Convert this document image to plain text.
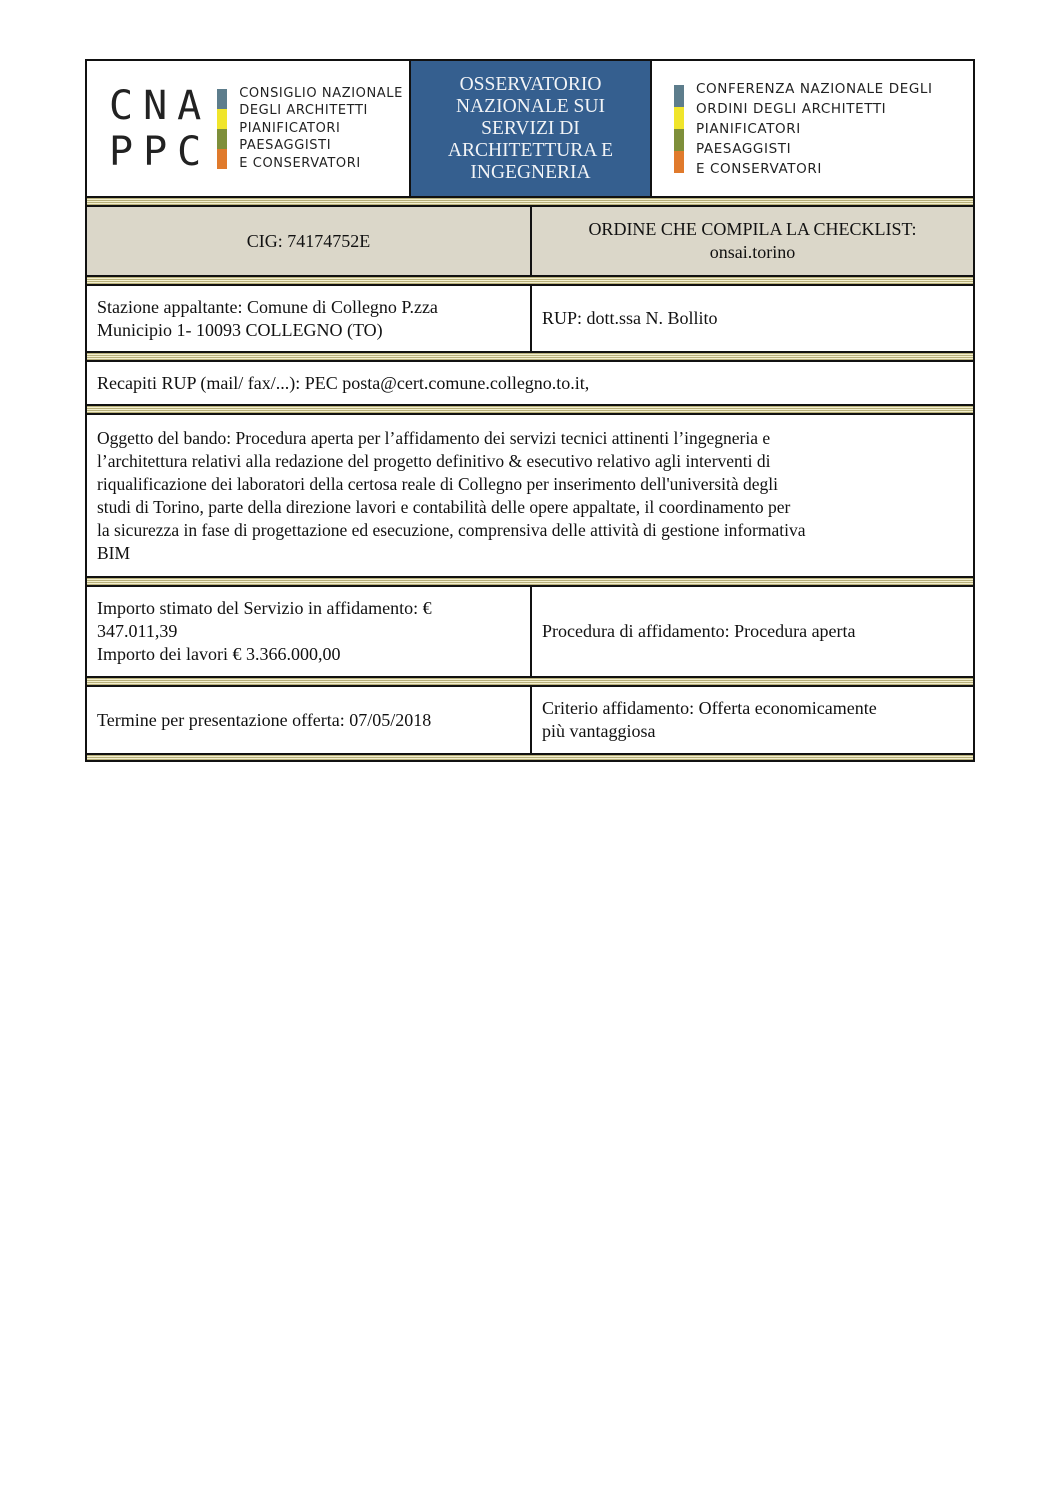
CNA
PPC
CONSIGLIO NAZIONALE
DEGLI ARCHITETTI
PIANIFICATORI
PAESAGGISTI
E CONSERVATORI
OSSERVATORIO
NAZIONALE SUI
SERVIZI DI
ARCHITETTURA E
INGEGNERIA
CONFERENZA NAZIONALE DEGLI
ORDINI DEGLI ARCHITETTI
PIANIFICATORI
PAESAGGISTI
E CONSERVATORI
CIG: 74174752E
ORDINE CHE COMPILA LA CHECKLIST:
onsai.torino
Stazione appaltante: Comune di Collegno P.zza
Municipio 1- 10093 COLLEGNO (TO)
RUP: dott.ssa N. Bollito
Recapiti RUP (mail/ fax/...): PEC posta@cert.comune.collegno.to.it,
Oggetto del bando: Procedura aperta per l’affidamento dei servizi tecnici attinenti l’ingegneria e
l’architettura relativi alla redazione del progetto definitivo & esecutivo relativo agli interventi di
riqualificazione dei laboratori della certosa reale di Collegno per inserimento dell'università degli
studi di Torino, parte della direzione lavori e contabilità delle opere appaltate, il coordinamento per
la sicurezza in fase di progettazione ed esecuzione, comprensiva delle attività di gestione informativa
BIM
Importo stimato del Servizio in affidamento: €
347.011,39
Importo dei lavori € 3.366.000,00
Procedura di affidamento: Procedura aperta
Termine per presentazione offerta: 07/05/2018
Criterio affidamento: Offerta economicamente
più vantaggiosa
